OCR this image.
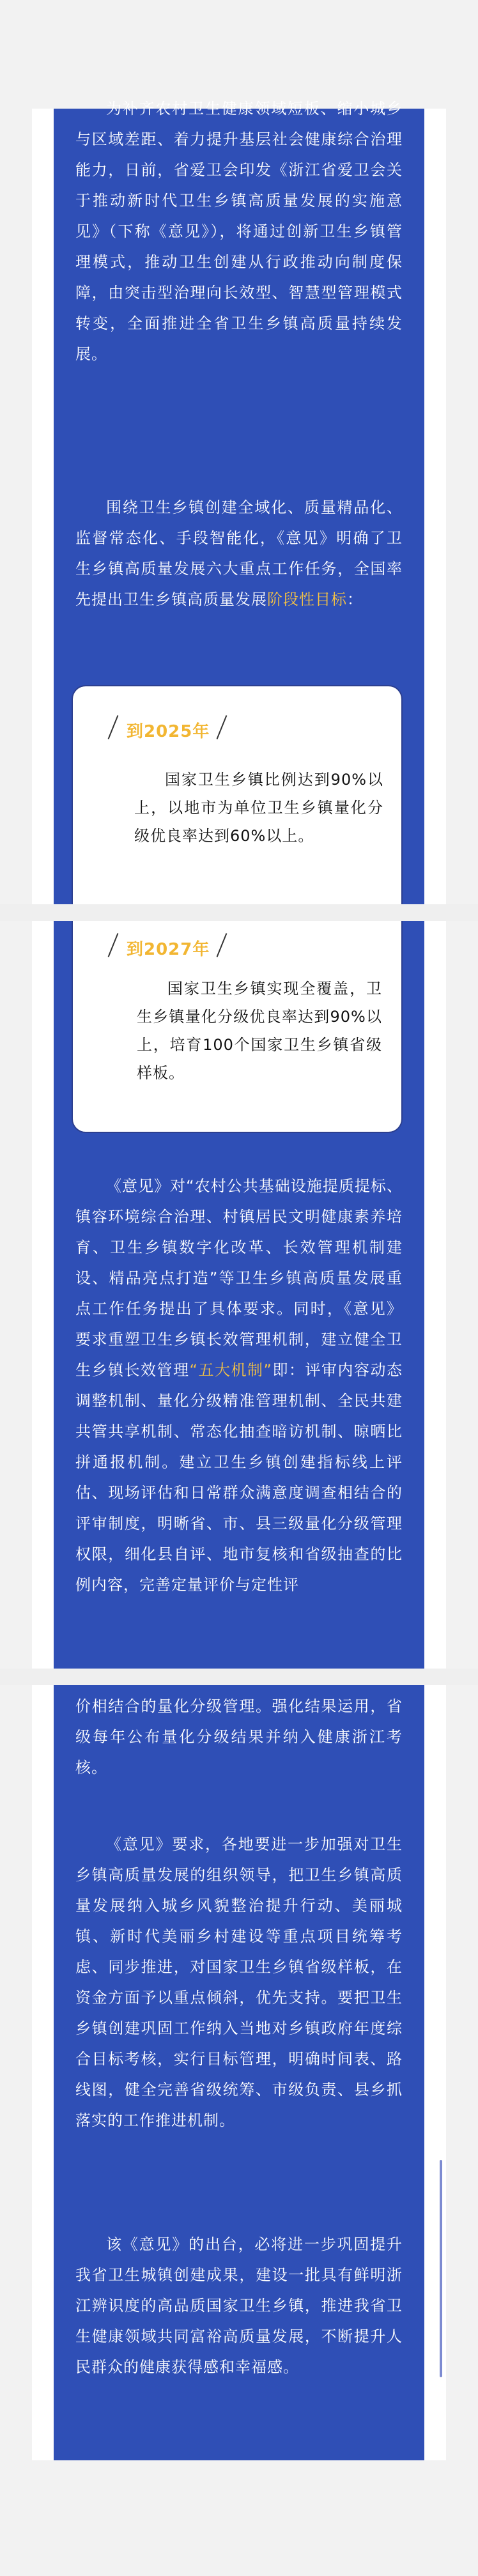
为补齐农村卫生健康领域短板、缩小城乡与区域差距、着力提升基层社会健康综合治理能力，日前，省爱卫会印发《浙江省爱卫会关于推动新时代卫生乡镇高质量发展的实施意见》（下称《意见》），将通过创新卫生乡镇管理模式，推动卫生创建从行政推动向制度保障，由突击型治理向长效型、智慧型管理模式转变，全面推进全省卫生乡镇高质量持续发展。

围绕卫生乡镇创建全域化、质量精品化、监督常态化、手段智能化，《意见》明确了卫生乡镇高质量发展六大重点工作任务，全国率先提出卫生乡镇高质量发展阶段性目标：

到2025年

国家卫生乡镇比例达到90%以上，以地市为单位卫生乡镇量化分级优良率达到60%以上。

到2027年

国家卫生乡镇实现全覆盖，卫生乡镇量化分级优良率达到90%以上，培育100个国家卫生乡镇省级样板。

《意见》对“农村公共基础设施提质提标、镇容环境综合治理、村镇居民文明健康素养培育、卫生乡镇数字化改革、长效管理机制建设、精品亮点打造”等卫生乡镇高质量发展重点工作任务提出了具体要求。同时，《意见》要求重塑卫生乡镇长效管理机制，建立健全卫生乡镇长效管理“五大机制”即：评审内容动态调整机制、量化分级精准管理机制、全民共建共管共享机制、常态化抽查暗访机制、晾晒比拼通报机制。建立卫生乡镇创建指标线上评估、现场评估和日常群众满意度调查相结合的评审制度，明晰省、市、县三级量化分级管理权限，细化县自评、地市复核和省级抽查的比例内容，完善定量评价与定性评

价相结合的量化分级管理。强化结果运用，省级每年公布量化分级结果并纳入健康浙江考核。

《意见》要求，各地要进一步加强对卫生乡镇高质量发展的组织领导，把卫生乡镇高质量发展纳入城乡风貌整治提升行动、美丽城镇、新时代美丽乡村建设等重点项目统筹考虑、同步推进，对国家卫生乡镇省级样板，在资金方面予以重点倾斜，优先支持。要把卫生乡镇创建巩固工作纳入当地对乡镇政府年度综合目标考核，实行目标管理，明确时间表、路线图，健全完善省级统筹、市级负责、县乡抓落实的工作推进机制。

该《意见》的出台，必将进一步巩固提升我省卫生城镇创建成果，建设一批具有鲜明浙江辨识度的高品质国家卫生乡镇，推进我省卫生健康领域共同富裕高质量发展，不断提升人民群众的健康获得感和幸福感。
